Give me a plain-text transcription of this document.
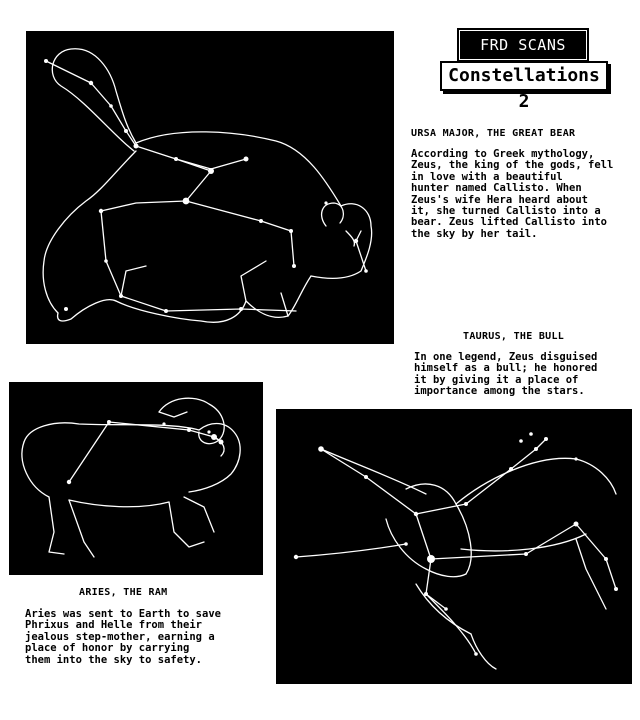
FRD SCANS
Constellations 2
URSA MAJOR, THE GREAT BEAR
According to Greek mythology,
Zeus, the king of the gods, fell
in love with a beautiful
hunter named Callisto. When
Zeus's wife Hera heard about
it, she turned Callisto into a
bear. Zeus lifted Callisto into
the sky by her tail.
TAURUS, THE BULL
In one legend, Zeus disguised
himself as a bull; he honored
it by giving it a place of
importance among the stars.
ARIES, THE RAM
Aries was sent to Earth to save
Phrixus and Helle from their
jealous step-mother, earning a
place of honor by carrying
them into the sky to safety.
